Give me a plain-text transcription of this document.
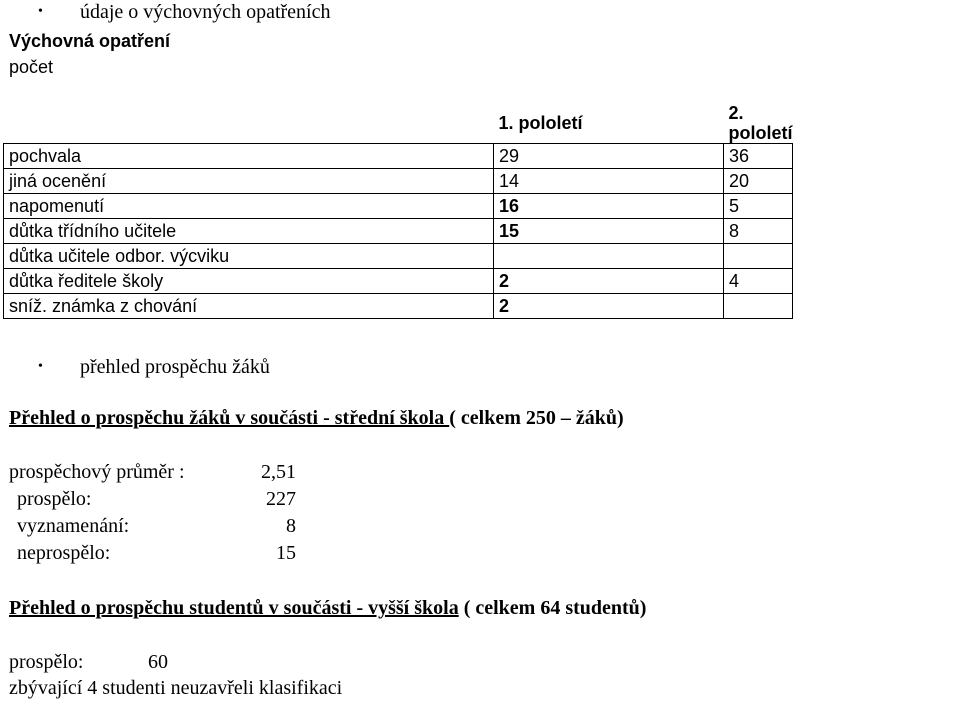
• údaje o výchovných opatřeních
Výchovná opatření
počet
	1. pololetí	2. pololetí
pochvala	29	36
jiná ocenění	14	20
napomenutí	16	5
důtka třídního učitele	15	8
důtka učitele odbor. výcviku		
důtka ředitele školy	2	4
sníž. známka z chování	2	
• přehled prospěchu žáků
Přehled o prospěchu žáků v součásti - střední škola ( celkem 250 – žáků)
prospěchový průměr :	2,51
prospělo:	227
vyznamenání:	8
neprospělo:	15
Přehled o prospěchu studentů v součásti - vyšší škola ( celkem 64 studentů)
prospělo:	60
zbývající 4 studenti neuzavřeli klasifikaci
